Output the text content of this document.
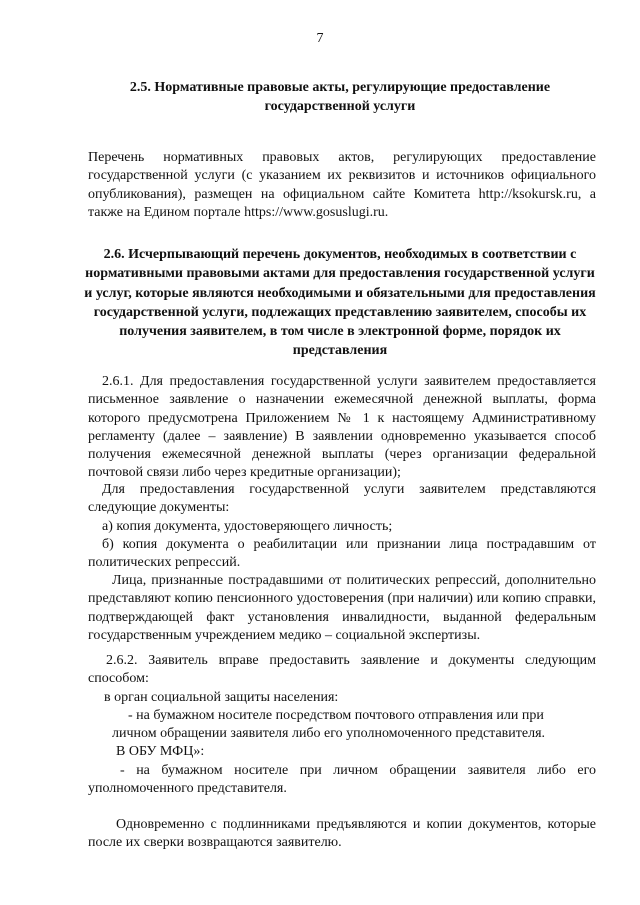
7
2.5. Нормативные правовые акты, регулирующие предоставление государственной услуги

Перечень нормативных правовых актов, регулирующих предоставление государственной услуги (с указанием их реквизитов и источников официального опубликования), размещен на официальном сайте Комитета http://ksokursk.ru, а также на Едином портале https://www.gosuslugi.ru.

2.6. Исчерпывающий перечень документов, необходимых в соответствии с нормативными правовыми актами для предоставления государственной услуги и услуг, которые являются необходимыми и обязательными для предоставления государственной услуги, подлежащих представлению заявителем, способы их получения заявителем, в том числе в электронной форме, порядок их представления

2.6.1. Для предоставления государственной услуги заявителем предоставляется письменное заявление о назначении ежемесячной денежной выплаты, форма которого предусмотрена Приложением № 1 к настоящему Административному регламенту (далее – заявление) В заявлении одновременно указывается способ получения ежемесячной денежной выплаты (через организации федеральной почтовой связи либо через кредитные организации);

Для предоставления государственной услуги заявителем представляются следующие документы:

а) копия документа, удостоверяющего личность;

б) копия документа о реабилитации или признании лица пострадавшим от политических репрессий.

Лица, признанные пострадавшими от политических репрессий, дополнительно представляют копию пенсионного удостоверения (при наличии) или копию справки, подтверждающей факт установления инвалидности, выданной федеральным государственным учреждением медико – социальной экспертизы.

2.6.2. Заявитель вправе предоставить заявление и документы следующим способом:

в орган социальной защиты населения:

- на бумажном носителе посредством почтового отправления или при

личном обращении заявителя либо его уполномоченного представителя.

В ОБУ МФЦ»:

- на бумажном носителе при личном обращении заявителя либо его уполномоченного представителя.

Одновременно с подлинниками предъявляются и копии документов, которые после их сверки возвращаются заявителю.
